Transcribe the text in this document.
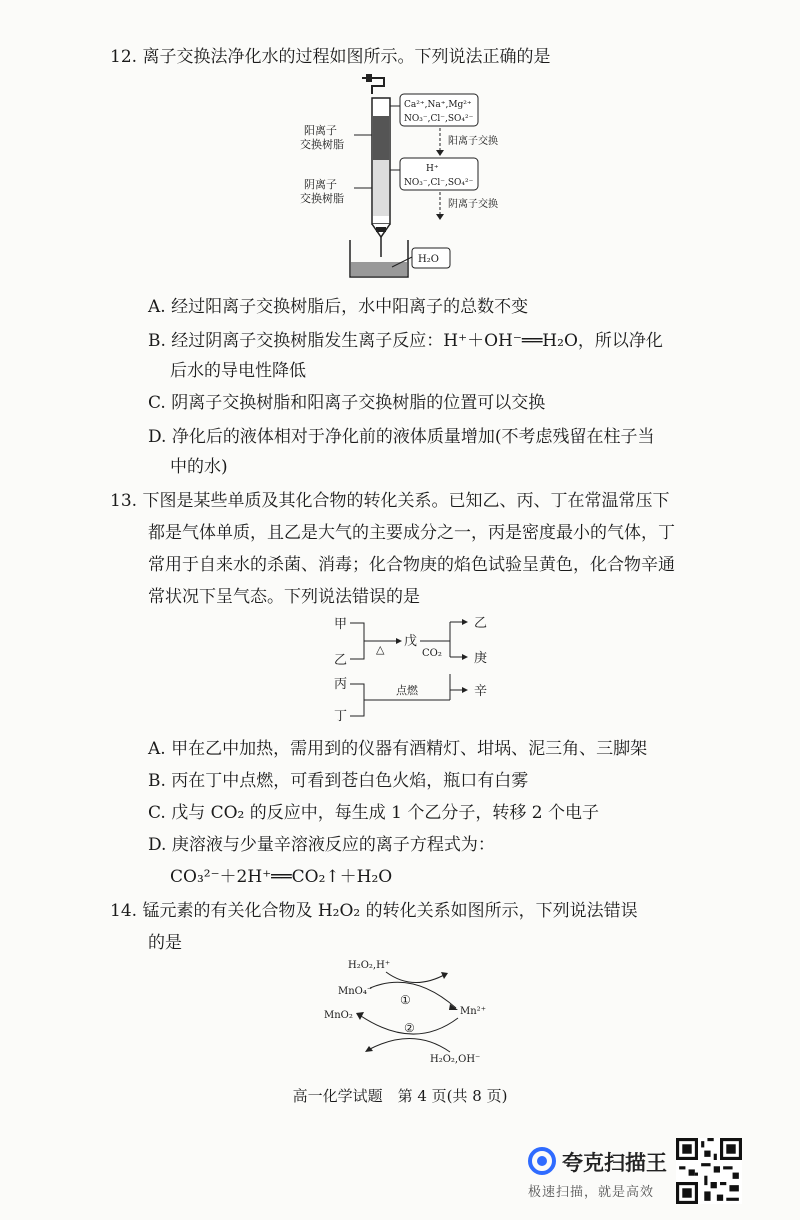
12. 离子交换法净化水的过程如图所示。下列说法正确的是
阳离子
交换树脂
阴离子
交换树脂
Ca²⁺,Na⁺,Mg²⁺
NO₃⁻,Cl⁻,SO₄²⁻
阳离子交换
H⁺
NO₃⁻,Cl⁻,SO₄²⁻
阴离子交换
H₂O
A. 经过阳离子交换树脂后，水中阳离子的总数不变
B. 经过阴离子交换树脂发生离子反应：H⁺＋OH⁻══H₂O，所以净化
后水的导电性降低
C. 阴离子交换树脂和阳离子交换树脂的位置可以交换
D. 净化后的液体相对于净化前的液体质量增加(不考虑残留在柱子当
中的水)
13. 下图是某些单质及其化合物的转化关系。已知乙、丙、丁在常温常压下
都是气体单质，且乙是大气的主要成分之一，丙是密度最小的气体，丁
常用于自来水的杀菌、消毒；化合物庚的焰色试验呈黄色，化合物辛通
常状况下呈气态。下列说法错误的是
甲
乙
丙
丁
△
戊
CO₂
乙
庚
点燃	辛
A. 甲在乙中加热，需用到的仪器有酒精灯、坩埚、泥三角、三脚架
B. 丙在丁中点燃，可看到苍白色火焰，瓶口有白雾
C. 戊与 CO₂ 的反应中，每生成 1 个乙分子，转移 2 个电子
D. 庚溶液与少量辛溶液反应的离子方程式为：
CO₃²⁻＋2H⁺══CO₂↑＋H₂O
14. 锰元素的有关化合物及 H₂O₂ 的转化关系如图所示，下列说法错误
的是
H₂O₂,H⁺
MnO₄⁻
Mn²⁺
MnO₂
H₂O₂,OH⁻
①
②
高一化学试题　第 4 页(共 8 页)
夸克扫描王
极速扫描，就是高效
